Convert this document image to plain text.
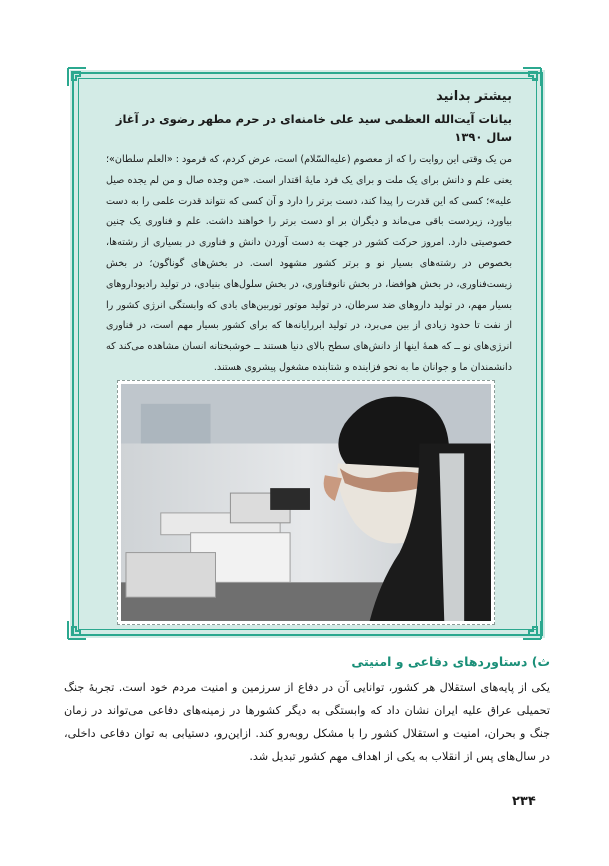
بیشتر بدانید
بیانات آیت‌الله العظمی سید علی خامنه‌ای در حرم مطهر رضوی در آغاز سال ۱۳۹۰

من یک وقتی این روایت را که از معصوم (علیه‌السّلام) است، عرض کردم، که فرمود : «العلم سلطان»؛ یعنی علم و دانش برای یک ملت و برای یک فرد مایهٔ اقتدار است. «من وجده صال و من لم یجده صیل علیه»؛ کسی که این قدرت را پیدا کند، دست برتر را دارد و آن کسی که نتواند قدرت علمی را به دست بیاورد، زیردست باقی می‌ماند و دیگران بر او دست برتر را خواهند داشت. علم و فناوری یک چنین خصوصیتی دارد. امروز حرکت کشور در جهت به دست آوردن دانش و فناوری در بسیاری از رشته‌ها، بخصوص در رشته‌های بسیار نو و برتر کشور مشهود است. در بخش‌های گوناگون؛ در بخش زیست‌فناوری، در بخش هوافضا، در بخش نانوفناوری، در بخش سلول‌های بنیادی، در تولید رادیوداروهای بسیار مهم، در تولید داروهای ضد سرطان، در تولید موتور توربین‌های بادی که وابستگی انرژی کشور را از نفت تا حدود زیادی از بین می‌برد، در تولید ابررایانه‌ها که برای کشور بسیار مهم است، در فناوری انرژی‌های نو ــ که همهٔ اینها از دانش‌های سطح بالای دنیا هستند ــ خوشبختانه انسان مشاهده می‌کند که دانشمندان ما و جوانان ما به نحو فزاینده و شتابنده مشغول پیشروی هستند.

ث) دستاوردهای دفاعی و امنیتی

یکی از پایه‌های استقلال هر کشور، توانایی آن در دفاع از سرزمین و امنیت مردم خود است. تجربهٔ جنگ تحمیلی عراق علیه ایران نشان داد که وابستگی به دیگر کشورها در زمینه‌های دفاعی می‌تواند در زمان جنگ و بحران، امنیت و استقلال کشور را با مشکل روبه‌رو کند. ازاین‌رو، دستیابی به توان دفاعی داخلی، در سال‌های پس از انقلاب به یکی از اهداف مهم کشور تبدیل شد.

۲۳۴
